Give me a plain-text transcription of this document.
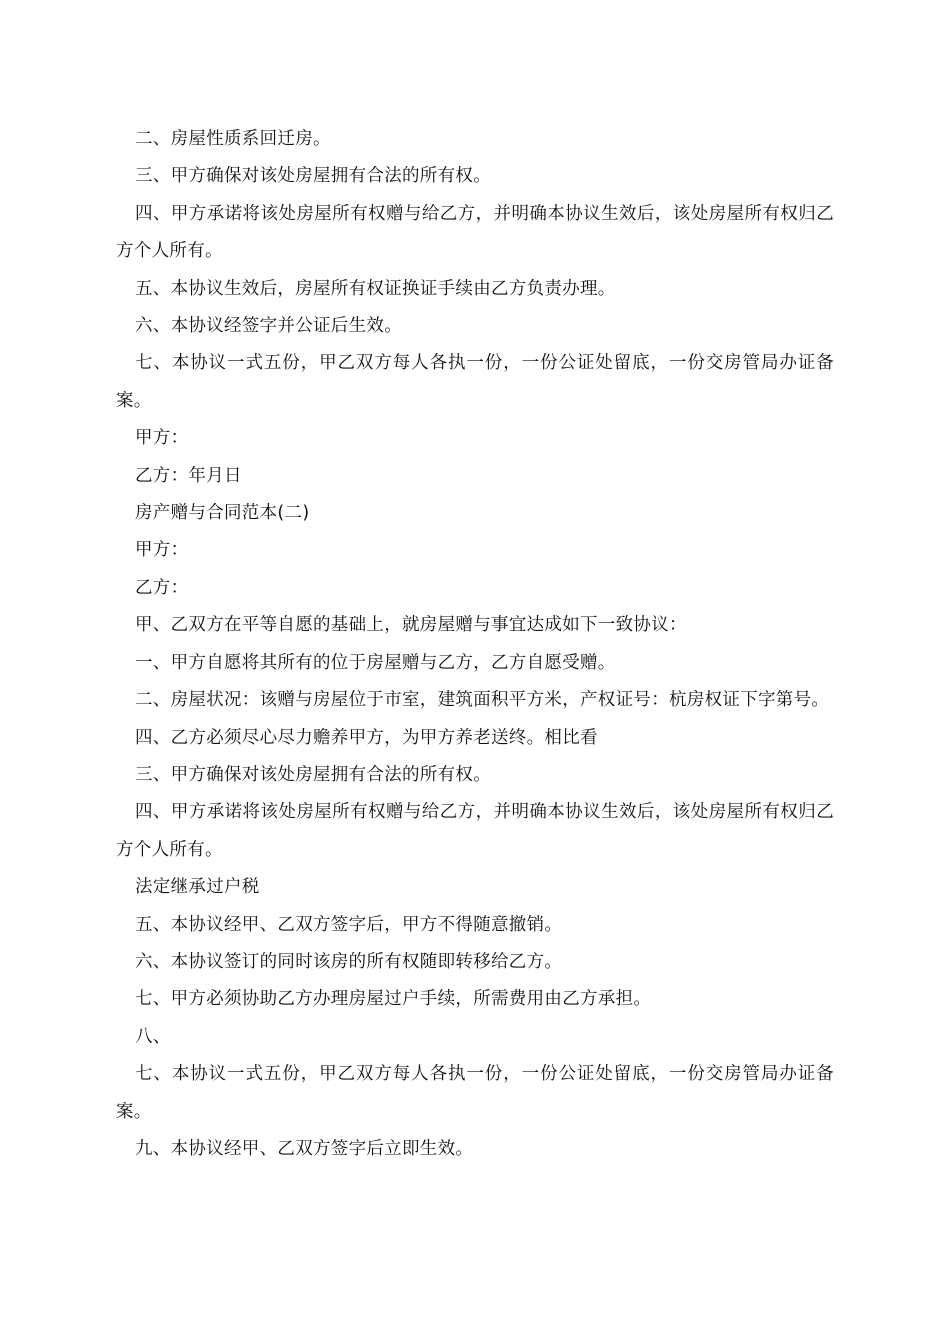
二、房屋性质系回迁房。

三、甲方确保对该处房屋拥有合法的所有权。

四、甲方承诺将该处房屋所有权赠与给乙方，并明确本协议生效后，该处房屋所有权归乙方个人所有。

五、本协议生效后，房屋所有权证换证手续由乙方负责办理。

六、本协议经签字并公证后生效。

七、本协议一式五份，甲乙双方每人各执一份，一份公证处留底，一份交房管局办证备案。

甲方：

乙方：年月日

房产赠与合同范本(二)

甲方：

乙方：

甲、乙双方在平等自愿的基础上，就房屋赠与事宜达成如下一致协议：

一、甲方自愿将其所有的位于房屋赠与乙方，乙方自愿受赠。

二、房屋状况：该赠与房屋位于市室，建筑面积平方米，产权证号：杭房权证下字第号。

四、乙方必须尽心尽力赡养甲方，为甲方养老送终。相比看

三、甲方确保对该处房屋拥有合法的所有权。

四、甲方承诺将该处房屋所有权赠与给乙方，并明确本协议生效后，该处房屋所有权归乙方个人所有。

法定继承过户税

五、本协议经甲、乙双方签字后，甲方不得随意撤销。

六、本协议签订的同时该房的所有权随即转移给乙方。

七、甲方必须协助乙方办理房屋过户手续，所需费用由乙方承担。

八、

七、本协议一式五份，甲乙双方每人各执一份，一份公证处留底，一份交房管局办证备案。

九、本协议经甲、乙双方签字后立即生效。
